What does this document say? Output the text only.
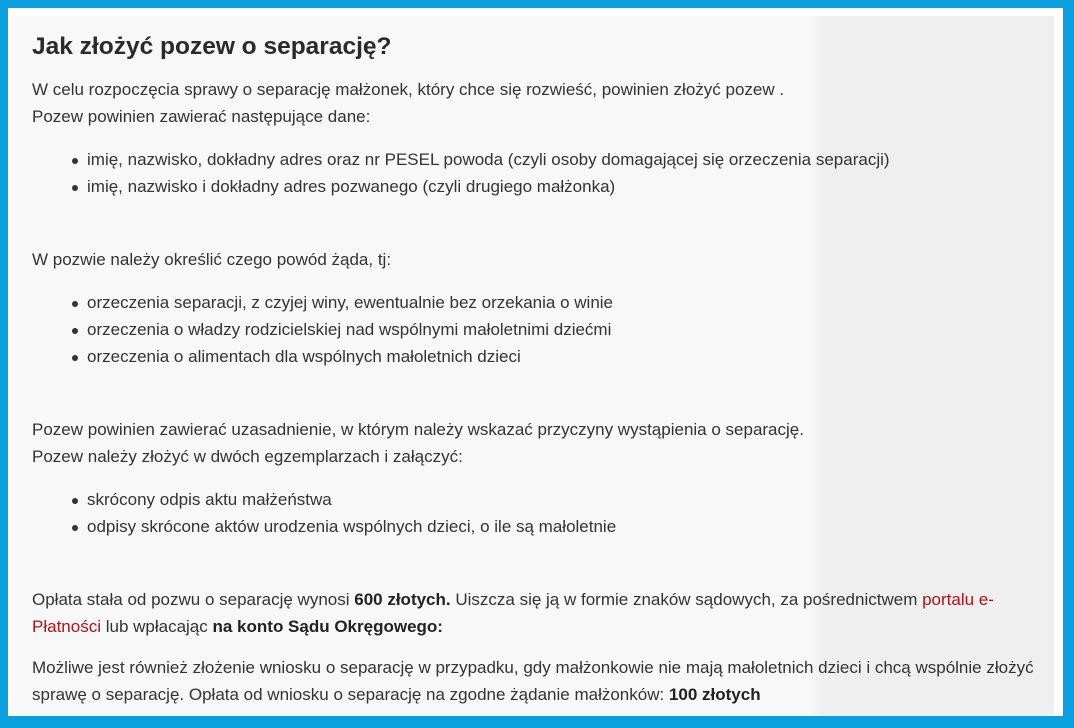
Jak złożyć pozew o separację?

W celu rozpoczęcia sprawy o separację małżonek, który chce się rozwieść, powinien złożyć pozew .

Pozew powinien zawierać następujące dane:

imię, nazwisko, dokładny adres oraz nr PESEL powoda (czyli osoby domagającej się orzeczenia separacji)
imię, nazwisko i dokładny adres pozwanego (czyli drugiego małżonka)

W pozwie należy określić czego powód żąda, tj:

orzeczenia separacji, z czyjej winy, ewentualnie bez orzekania o winie
orzeczenia o władzy rodzicielskiej nad wspólnymi małoletnimi dziećmi
orzeczenia o alimentach dla wspólnych małoletnich dzieci

Pozew powinien zawierać uzasadnienie, w którym należy wskazać przyczyny wystąpienia o separację.

Pozew należy złożyć w dwóch egzemplarzach i załączyć:

skrócony odpis aktu małżeństwa
odpisy skrócone aktów urodzenia wspólnych dzieci, o ile są małoletnie

Opłata stała od pozwu o separację wynosi 600 złotych. Uiszcza się ją w formie znaków sądowych, za pośrednictwem portalu e-Płatności lub wpłacając na konto Sądu Okręgowego:

Możliwe jest również złożenie wniosku o separację w przypadku, gdy małżonkowie nie mają małoletnich dzieci i chcą wspólnie złożyć sprawę o separację. Opłata od wniosku o separację na zgodne żądanie małżonków: 100 złotych
